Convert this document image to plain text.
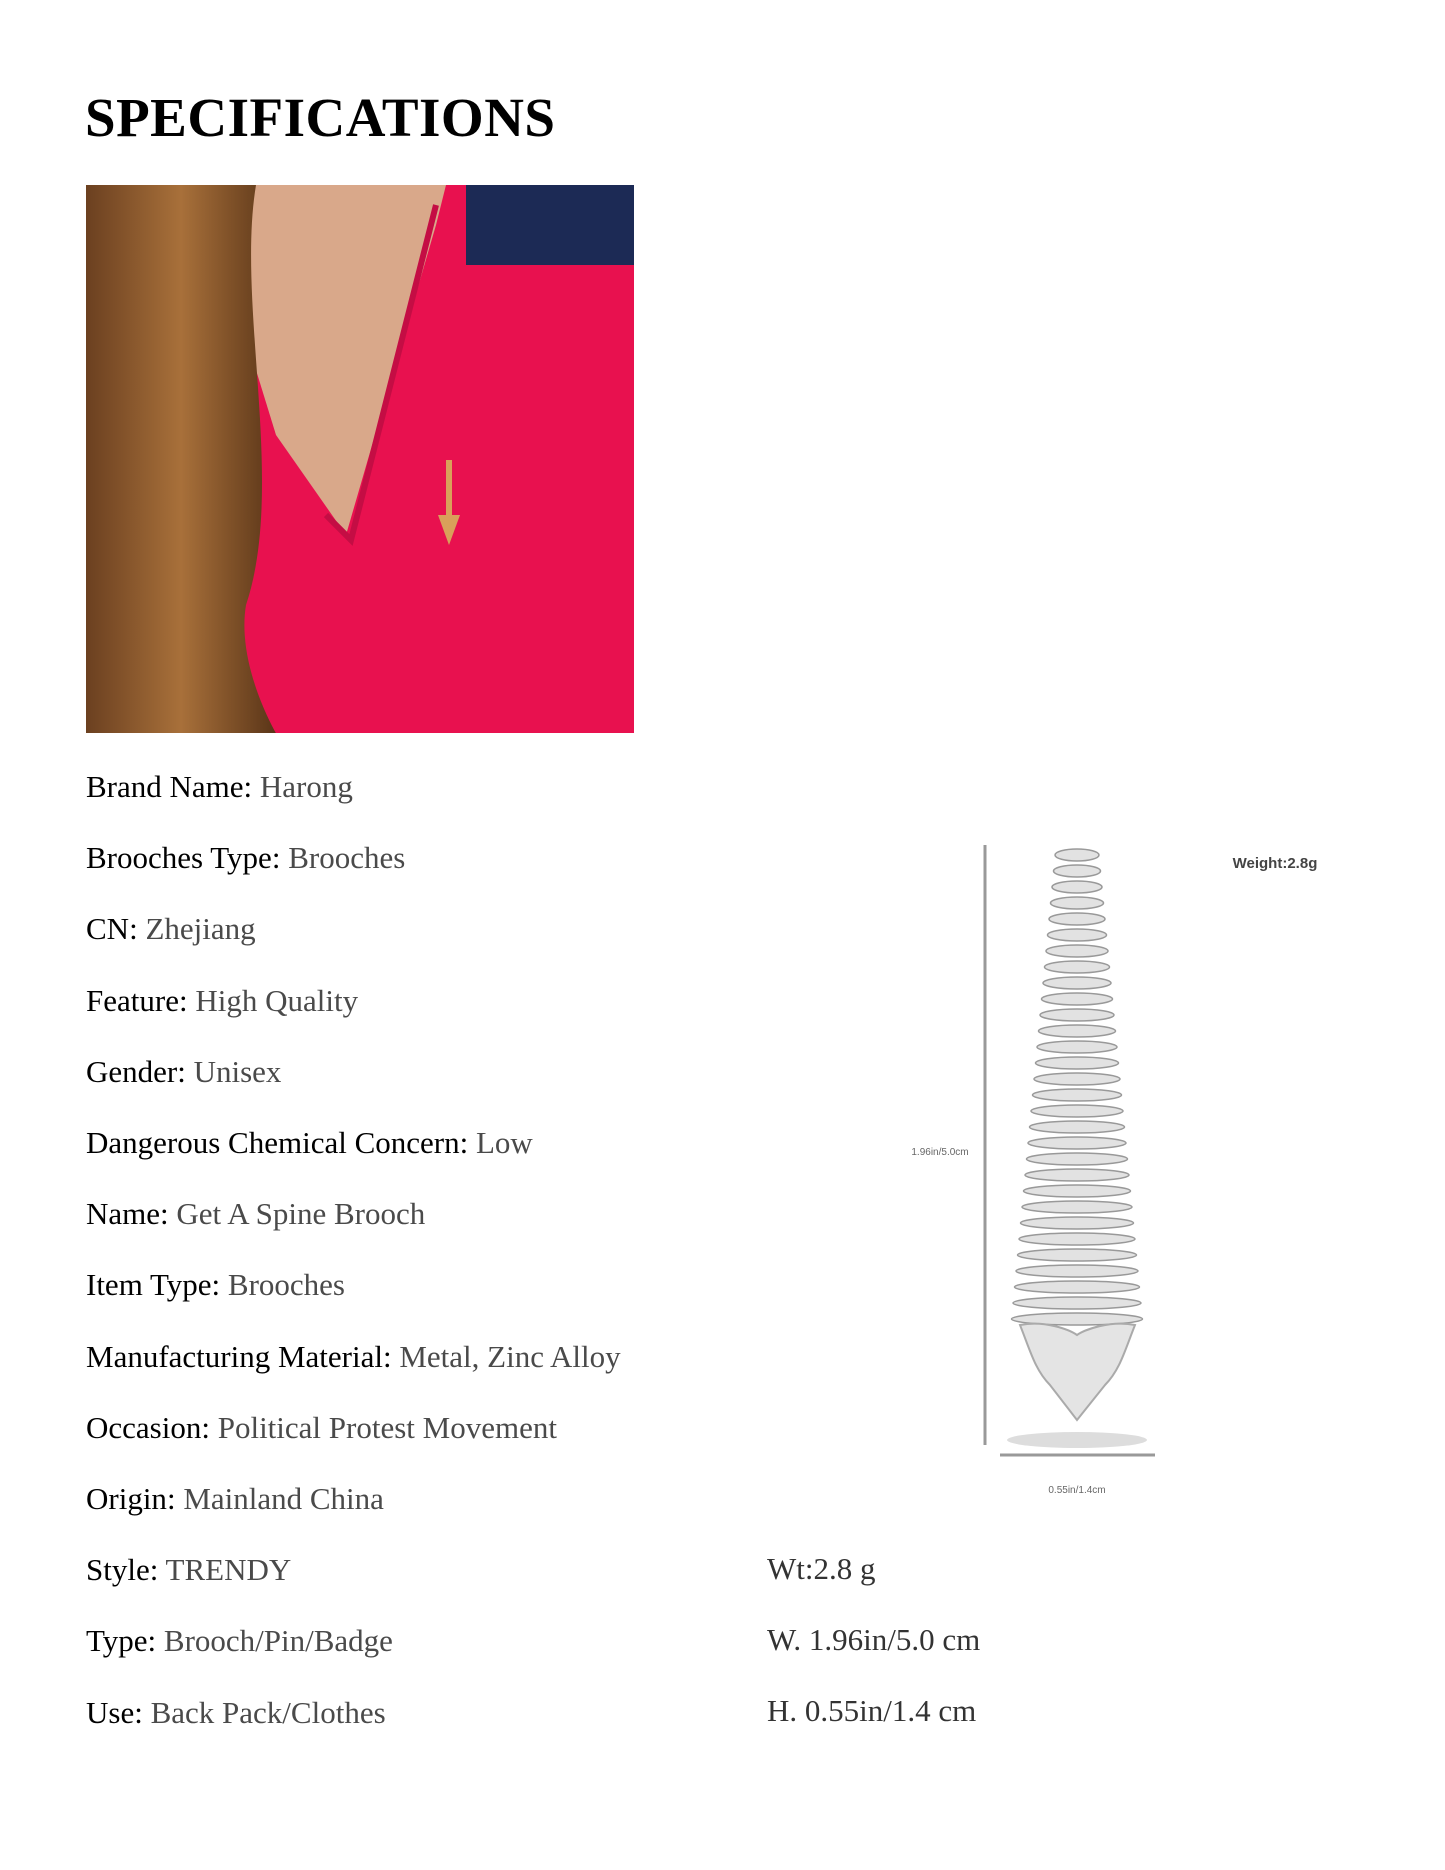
SPECIFICATIONS
Brand Name: Harong
Brooches Type: Brooches
CN: Zhejiang
Feature: High Quality
Gender: Unisex
Dangerous Chemical Concern: Low
Name: Get A Spine Brooch
Item Type: Brooches
Manufacturing Material: Metal, Zinc Alloy
Occasion: Political Protest Movement
Origin: Mainland China
Style: TRENDY
Type: Brooch/Pin/Badge
Use: Back Pack/Clothes
Wt:2.8 g
W. 1.96in/5.0 cm
H. 0.55in/1.4 cm
1.96in/5.0cm
0.55in/1.4cm
Weight:2.8g
